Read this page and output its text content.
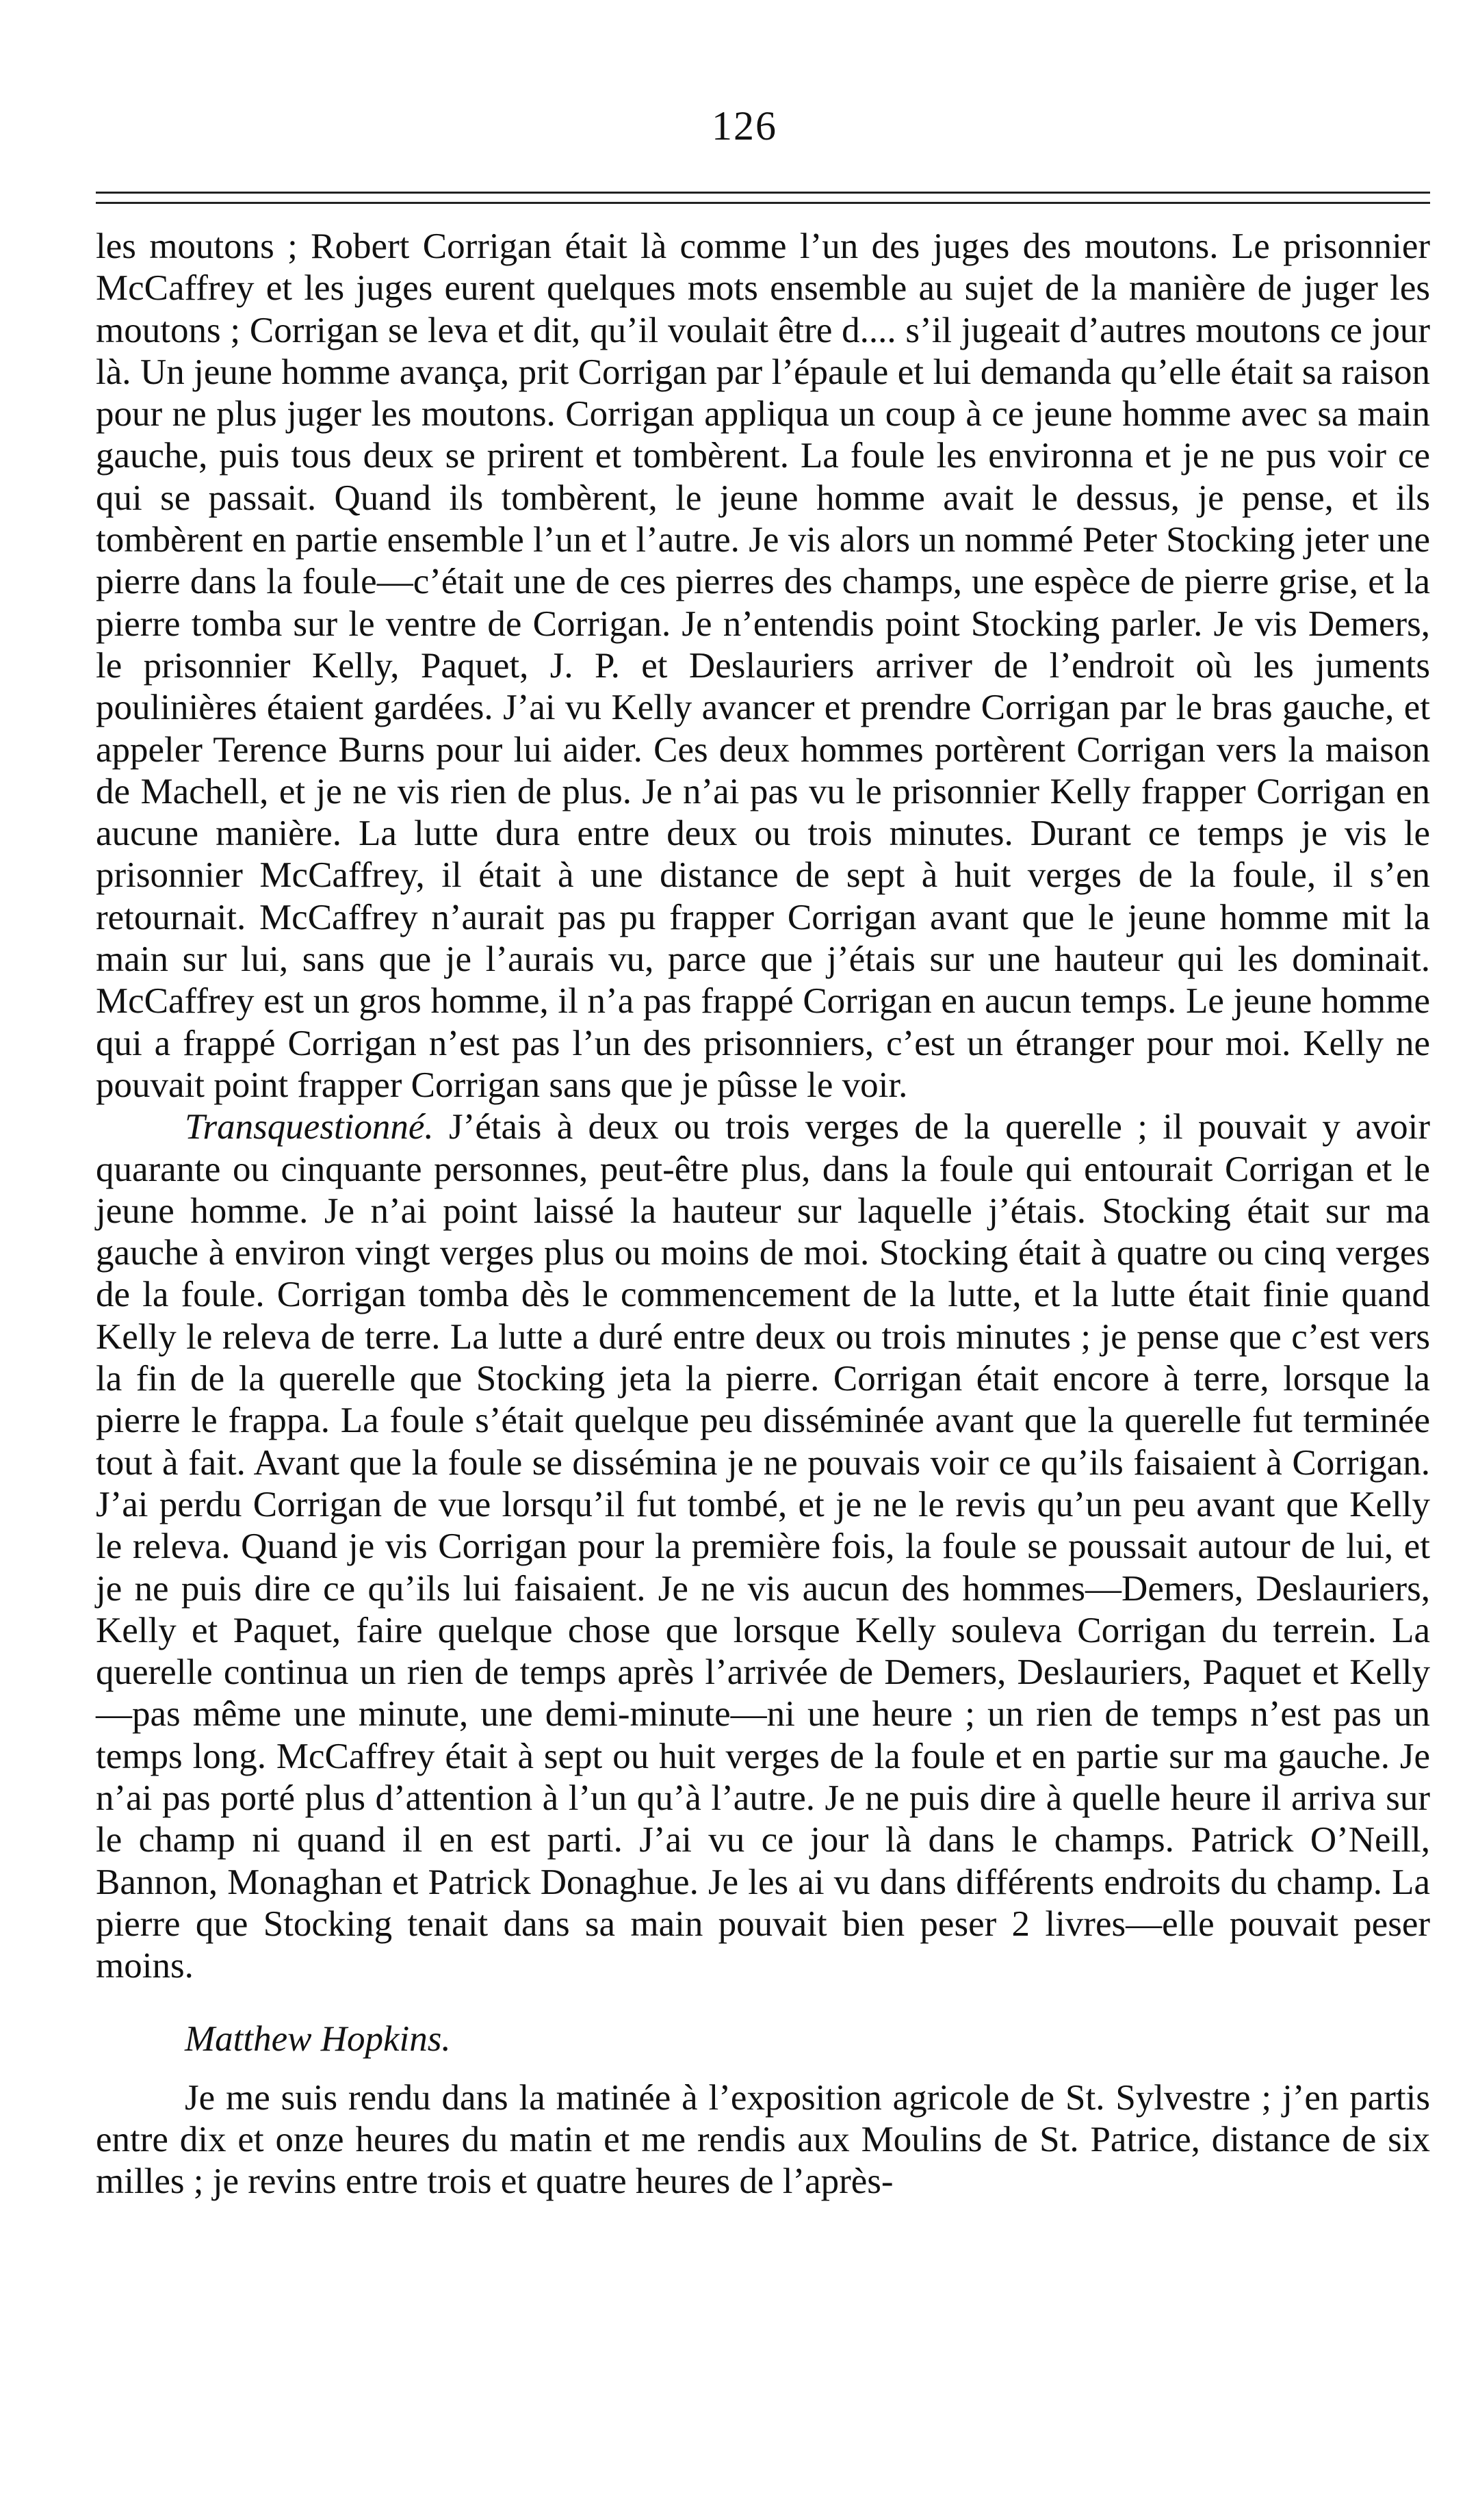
126

les moutons ; Robert Corrigan était là comme l’un des juges des moutons. Le prisonnier McCaffrey et les juges eurent quelques mots ensemble au sujet de la manière de juger les moutons ; Corrigan se leva et dit, qu’il voulait être d.... s’il jugeait d’autres moutons ce jour là. Un jeune homme avança, prit Corrigan par l’épaule et lui demanda qu’elle était sa raison pour ne plus juger les moutons. Corrigan appliqua un coup à ce jeune homme avec sa main gauche, puis tous deux se prirent et tombèrent. La foule les environna et je ne pus voir ce qui se passait. Quand ils tombèrent, le jeune homme avait le dessus, je pense, et ils tombèrent en partie ensemble l’un et l’autre. Je vis alors un nommé Peter Stocking jeter une pierre dans la foule—c’était une de ces pierres des champs, une espèce de pierre grise, et la pierre tomba sur le ventre de Corrigan. Je n’entendis point Stocking parler. Je vis Demers, le prisonnier Kelly, Paquet, J. P. et Deslauriers arriver de l’endroit où les juments poulinières étaient gardées. J’ai vu Kelly avancer et prendre Corrigan par le bras gauche, et appeler Terence Burns pour lui aider. Ces deux hommes portèrent Corrigan vers la maison de Machell, et je ne vis rien de plus. Je n’ai pas vu le prisonnier Kelly frapper Corrigan en aucune manière. La lutte dura entre deux ou trois minutes. Durant ce temps je vis le prisonnier McCaffrey, il était à une distance de sept à huit verges de la foule, il s’en retournait. McCaffrey n’aurait pas pu frapper Corrigan avant que le jeune homme mit la main sur lui, sans que je l’aurais vu, parce que j’étais sur une hauteur qui les dominait. McCaffrey est un gros homme, il n’a pas frappé Corrigan en aucun temps. Le jeune homme qui a frappé Corrigan n’est pas l’un des prisonniers, c’est un étranger pour moi. Kelly ne pouvait point frapper Corrigan sans que je pûsse le voir.

Transquestionné. J’étais à deux ou trois verges de la querelle ; il pouvait y avoir quarante ou cinquante personnes, peut-être plus, dans la foule qui entourait Corrigan et le jeune homme. Je n’ai point laissé la hauteur sur laquelle j’étais. Stocking était sur ma gauche à environ vingt verges plus ou moins de moi. Stocking était à quatre ou cinq verges de la foule. Corrigan tomba dès le commencement de la lutte, et la lutte était finie quand Kelly le releva de terre. La lutte a duré entre deux ou trois minutes ; je pense que c’est vers la fin de la querelle que Stocking jeta la pierre. Corrigan était encore à terre, lorsque la pierre le frappa. La foule s’était quelque peu disséminée avant que la querelle fut terminée tout à fait. Avant que la foule se dissémina je ne pouvais voir ce qu’ils faisaient à Corrigan. J’ai perdu Corrigan de vue lorsqu’il fut tombé, et je ne le revis qu’un peu avant que Kelly le releva. Quand je vis Corrigan pour la première fois, la foule se poussait autour de lui, et je ne puis dire ce qu’ils lui faisaient. Je ne vis aucun des hommes—Demers, Deslauriers, Kelly et Paquet, faire quelque chose que lorsque Kelly souleva Corrigan du terrein. La querelle continua un rien de temps après l’arrivée de Demers, Deslauriers, Paquet et Kelly—pas même une minute, une demi-minute—ni une heure ; un rien de temps n’est pas un temps long. McCaffrey était à sept ou huit verges de la foule et en partie sur ma gauche. Je n’ai pas porté plus d’attention à l’un qu’à l’autre. Je ne puis dire à quelle heure il arriva sur le champ ni quand il en est parti. J’ai vu ce jour là dans le champs. Patrick O’Neill, Bannon, Monaghan et Patrick Donaghue. Je les ai vu dans différents endroits du champ. La pierre que Stocking tenait dans sa main pouvait bien peser 2 livres—elle pouvait peser moins.

Matthew Hopkins.

Je me suis rendu dans la matinée à l’exposition agricole de St. Sylvestre ; j’en partis entre dix et onze heures du matin et me rendis aux Moulins de St. Patrice, distance de six milles ; je revins entre trois et quatre heures de l’après-
